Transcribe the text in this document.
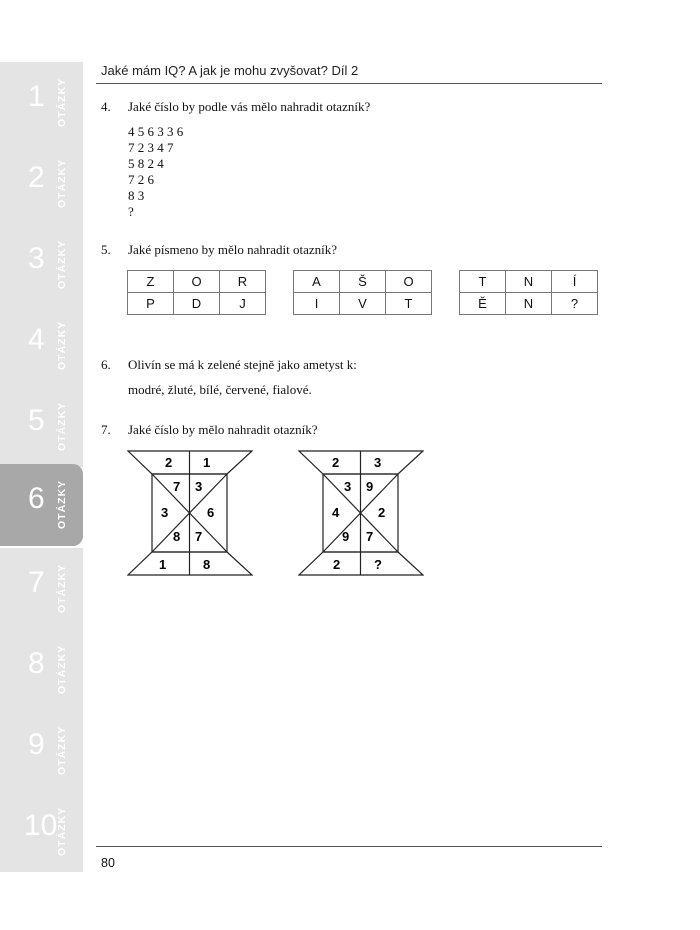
1 OTÁZKY
2 OTÁZKY
3 OTÁZKY
4 OTÁZKY
5 OTÁZKY
6 OTÁZKY
7 OTÁZKY
8 OTÁZKY
9 OTÁZKY
10
OTÁZKY
Jaké mám IQ? A jak je mohu zvyšovat? Díl 2
4. Jaké číslo by podle vás mělo nahradit otazník?
4 5 6 3 3 6
7 2 3 4 7
5 8 2 4
7 2 6
8 3
?
5. Jaké písmeno by mělo nahradit otazník?
Z	O	R
P	D	J
A	Š	O
I	V	T
T	N	Í
Ě	N	?
6. Olivín se má k zelené stejně jako ametyst k:
modré, žluté, bílé, červené, fialové.
7. Jaké číslo by mělo nahradit otazník?
2 1
7 3
3	6
8 7
1	8
2	3
3 9
4	2
9 7
2	?
80
